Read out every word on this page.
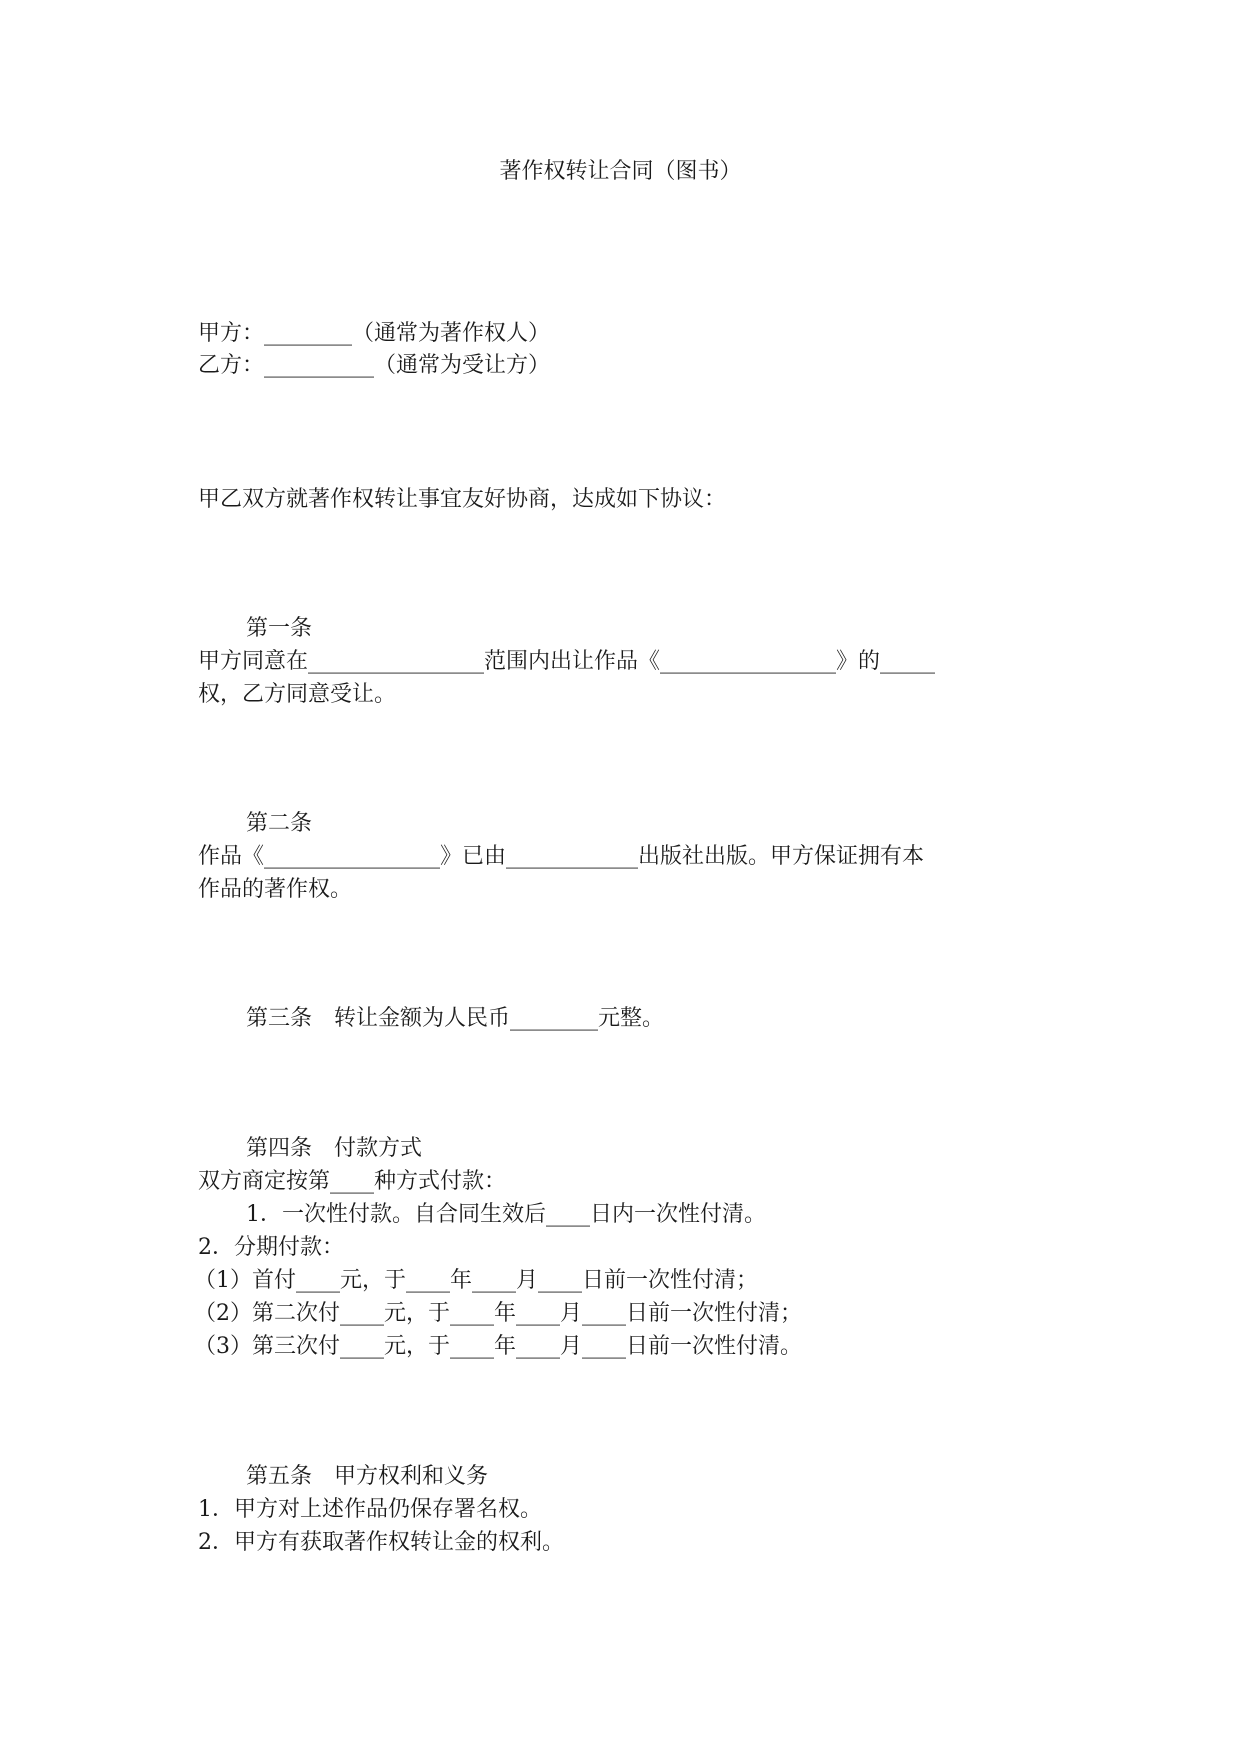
著作权转让合同（图书）
甲方：________（通常为著作权人）
乙方：__________（通常为受让方）
甲乙双方就著作权转让事宜友好协商，达成如下协议：
第一条
甲方同意在________________范围内出让作品《________________》的_____
权，乙方同意受让。
第二条
作品《________________》已由____________出版社出版。甲方保证拥有本
作品的著作权。
第三条　转让金额为人民币________元整。
第四条　付款方式
双方商定按第____种方式付款：
1．一次性付款。自合同生效后____日内一次性付清。
2．分期付款：
（1）首付____元，于____年____月____日前一次性付清；
（2）第二次付____元，于____年____月____日前一次性付清；
（3）第三次付____元，于____年____月____日前一次性付清。
第五条　甲方权利和义务
1．甲方对上述作品仍保存署名权。
2．甲方有获取著作权转让金的权利。
